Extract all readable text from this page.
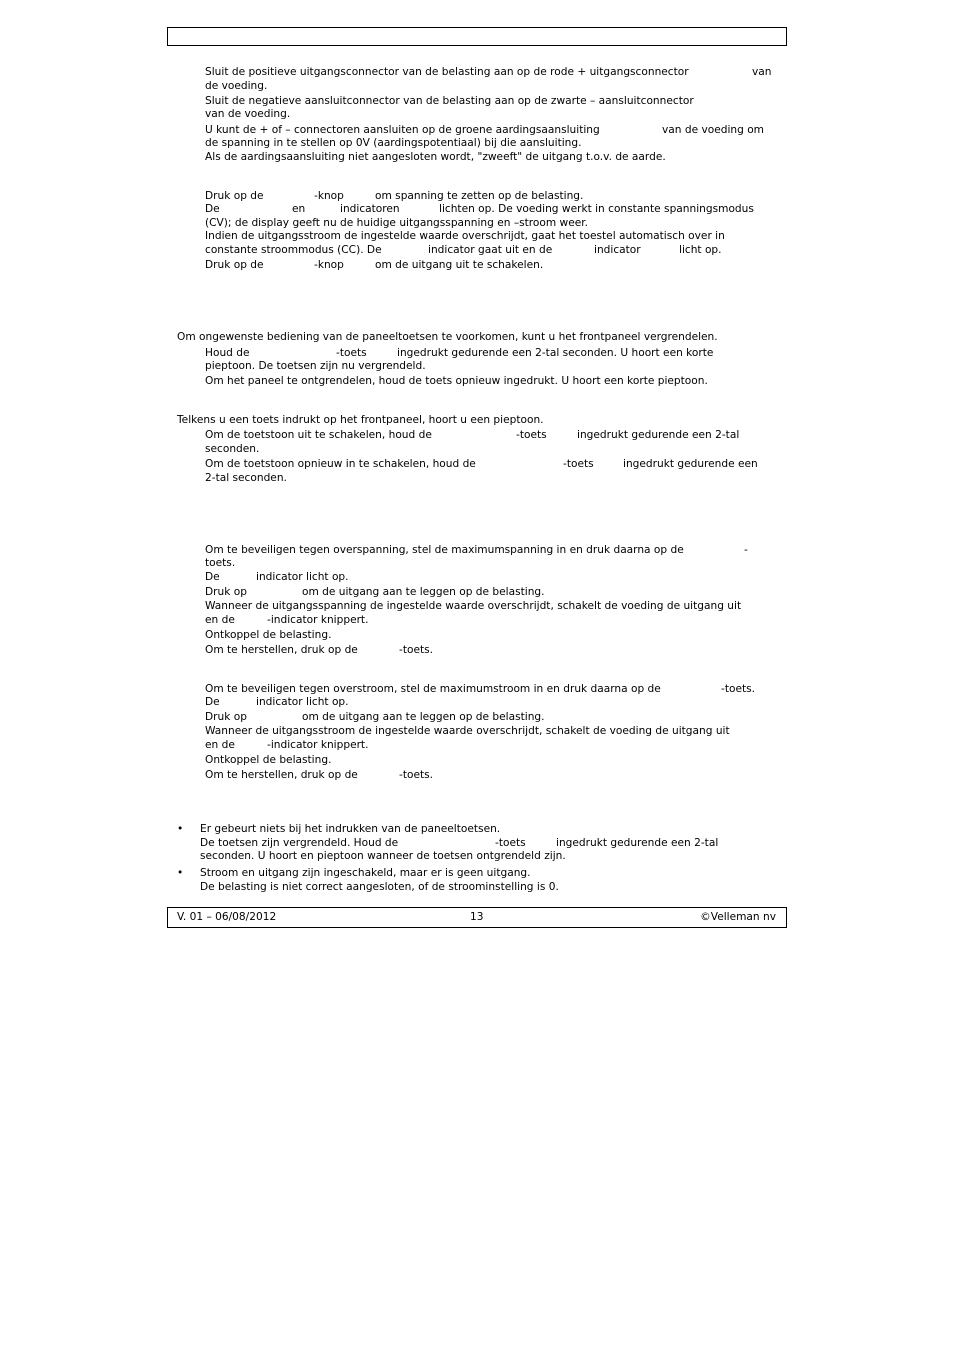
Sluit de positieve uitgangsconnector van de belasting aan op de rode + uitgangsconnector	van
de voeding.
Sluit de negatieve aansluitconnector van de belasting aan op de zwarte – aansluitconnector
van de voeding.
U kunt de + of – connectoren aansluiten op de groene aardingsaansluiting	van de voeding om
de spanning in te stellen op 0V (aardingspotentiaal) bij die aansluiting.
Als de aardingsaansluiting niet aangesloten wordt, "zweeft" de uitgang t.o.v. de aarde.
Druk op de	-knop	om spanning te zetten op de belasting.
De	en	indicatoren	lichten op. De voeding werkt in constante spanningsmodus
(CV); de display geeft nu de huidige uitgangsspanning en –stroom weer.
Indien de uitgangsstroom de ingestelde waarde overschrijdt, gaat het toestel automatisch over in
constante stroommodus (CC). De	indicator gaat uit en de	indicator	licht op.
Druk op de	-knop	om de uitgang uit te schakelen.
Om ongewenste bediening van de paneeltoetsen te voorkomen, kunt u het frontpaneel vergrendelen.
Houd de	-toets	ingedrukt gedurende een 2-tal seconden. U hoort een korte
pieptoon. De toetsen zijn nu vergrendeld.
Om het paneel te ontgrendelen, houd de toets opnieuw ingedrukt. U hoort een korte pieptoon.
Telkens u een toets indrukt op het frontpaneel, hoort u een pieptoon.
Om de toetstoon uit te schakelen, houd de	-toets	ingedrukt gedurende een 2-tal
seconden.
Om de toetstoon opnieuw in te schakelen, houd de	-toets	ingedrukt gedurende een
2-tal seconden.
Om te beveiligen tegen overspanning, stel de maximumspanning in en druk daarna op de	-
toets.
De	indicator licht op.
Druk op	om de uitgang aan te leggen op de belasting.
Wanneer de uitgangsspanning de ingestelde waarde overschrijdt, schakelt de voeding de uitgang uit
en de	-indicator knippert.
Ontkoppel de belasting.
Om te herstellen, druk op de	-toets.
Om te beveiligen tegen overstroom, stel de maximumstroom in en druk daarna op de	-toets.
De	indicator licht op.
Druk op	om de uitgang aan te leggen op de belasting.
Wanneer de uitgangsstroom de ingestelde waarde overschrijdt, schakelt de voeding de uitgang uit
en de	-indicator knippert.
Ontkoppel de belasting.
Om te herstellen, druk op de	-toets.
• Er gebeurt niets bij het indrukken van de paneeltoetsen.
De toetsen zijn vergrendeld. Houd de	-toets	ingedrukt gedurende een 2-tal
seconden. U hoort en pieptoon wanneer de toetsen ontgrendeld zijn.
• Stroom en uitgang zijn ingeschakeld, maar er is geen uitgang.
De belasting is niet correct aangesloten, of de stroominstelling is 0.
V. 01 – 06/08/2012	13	©Velleman nv
